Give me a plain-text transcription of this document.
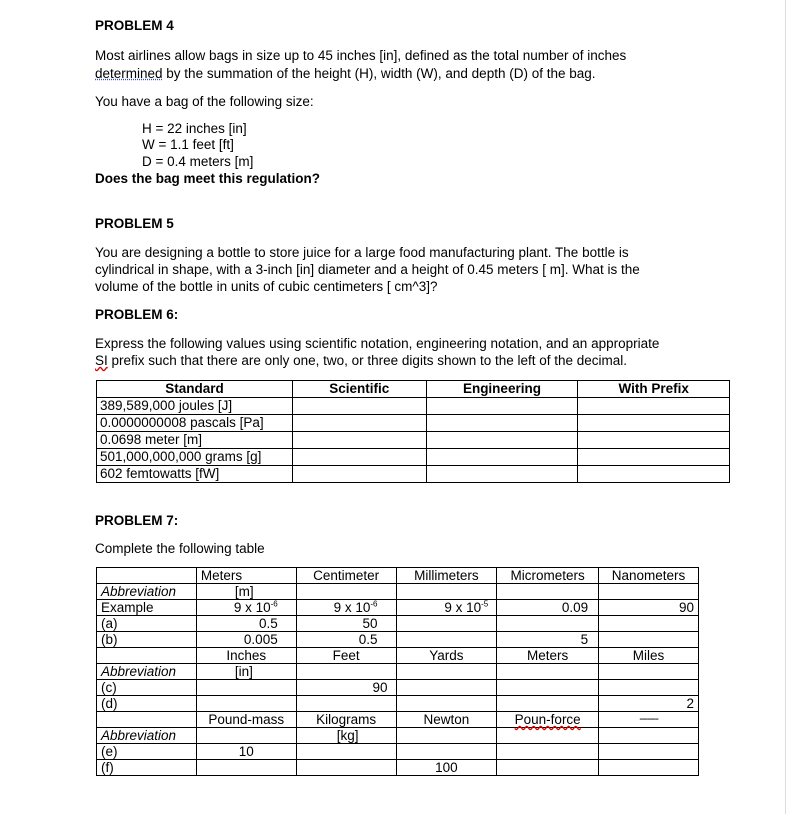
PROBLEM 4
Most airlines allow bags in size up to 45 inches [in], defined as the total number of inches
determined by the summation of the height (H), width (W), and depth (D) of the bag.
You have a bag of the following size:
H = 22 inches [in]
W = 1.1 feet [ft]
D = 0.4 meters [m]
Does the bag meet this regulation?
PROBLEM 5
You are designing a bottle to store juice for a large food manufacturing plant. The bottle is
cylindrical in shape, with a 3-inch [in] diameter and a height of 0.45 meters [ m]. What is the
volume of the bottle in units of cubic centimeters [ cm^3]?
PROBLEM 6:
Express the following values using scientific notation, engineering notation, and an appropriate
SI prefix such that there are only one, two, or three digits shown to the left of the decimal.
Standard	Scientific	Engineering	With Prefix
389,589,000 joules [J]			
0.0000000008 pascals [Pa]			
0.0698 meter [m]			
501,000,000,000 grams [g]			
602 femtowatts [fW]			
PROBLEM 7:
Complete the following table
	Meters	Centimeter	Millimeters	Micrometers	Nanometers
Abbreviation	[m]				
Example	9 x $10^{-6}$	9 x $10^{-6}$	9 x $10^{-5}$	0.09	90
(a)	0.5	50			
(b)	0.005	0.5		5	
	Inches	Feet	Yards	Meters	Miles
Abbreviation	[in]				
(c)		90			
(d)					2
	Pound-mass	Kilograms	Newton	Poun-force	-------
Abbreviation		[kg]			
(e)	10				
(f)			100		
